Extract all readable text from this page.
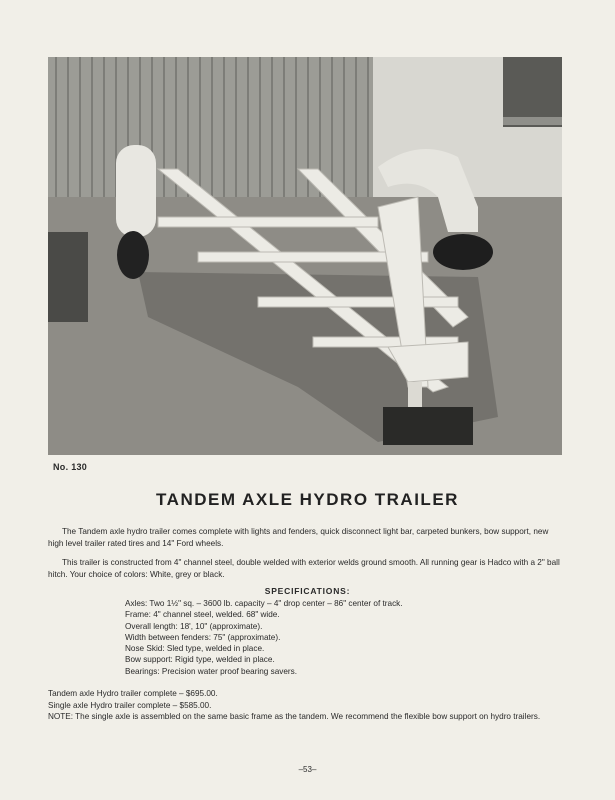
No. 130
TANDEM AXLE HYDRO TRAILER

The Tandem axle hydro trailer comes complete with lights and fenders, quick disconnect light bar, carpeted bunkers, bow support, new high level trailer rated tires and 14" Ford wheels.

This trailer is constructed from 4" channel steel, double welded with exterior welds ground smooth. All running gear is Hadco with a 2" ball hitch. Your choice of colors: White, grey or black.

SPECIFICATIONS:
Axles: Two 1½" sq. – 3600 lb. capacity – 4" drop center – 86" center of track.
Frame: 4" channel steel, welded. 68" wide.
Overall length: 18', 10" (approximate).
Width between fenders: 75" (approximate).
Nose Skid: Sled type, welded in place.
Bow support: Rigid type, welded in place.
Bearings: Precision water proof bearing savers.
Tandem axle Hydro trailer complete – $695.00.
Single axle Hydro trailer complete – $585.00.
NOTE: The single axle is assembled on the same basic frame as the tandem. We recommend the flexible bow support on hydro trailers.
–53–
